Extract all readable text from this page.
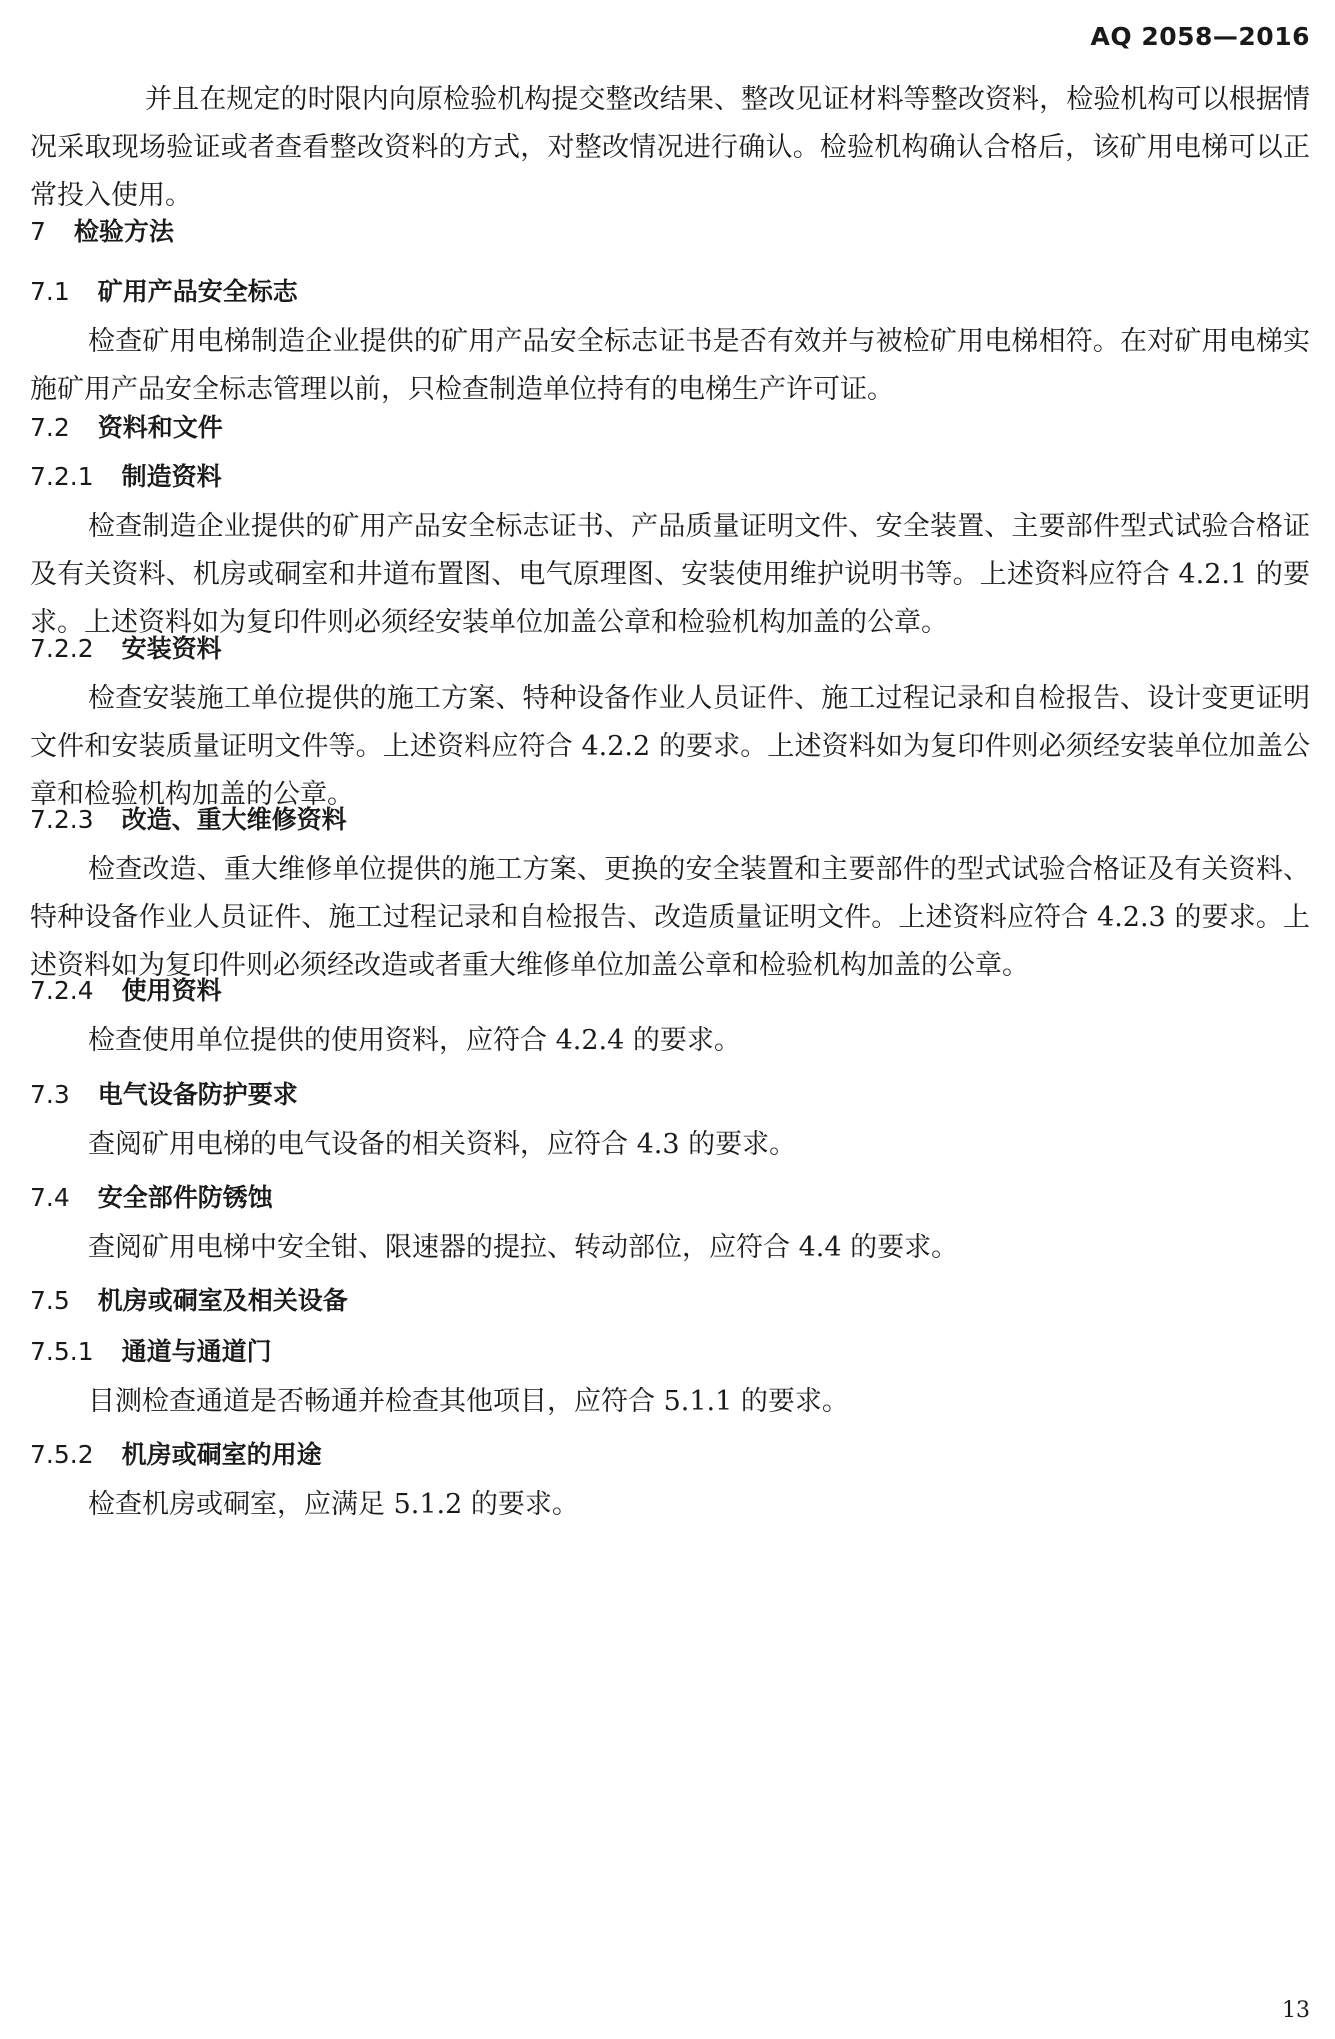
AQ 2058—2016

并且在规定的时限内向原检验机构提交整改结果、整改见证材料等整改资料，检验机构可以根据情况采取现场验证或者查看整改资料的方式，对整改情况进行确认。检验机构确认合格后，该矿用电梯可以正常投入使用。

7 检验方法
7.1 矿用产品安全标志

检查矿用电梯制造企业提供的矿用产品安全标志证书是否有效并与被检矿用电梯相符。在对矿用电梯实施矿用产品安全标志管理以前，只检查制造单位持有的电梯生产许可证。

7.2 资料和文件
7.2.1 制造资料

检查制造企业提供的矿用产品安全标志证书、产品质量证明文件、安全装置、主要部件型式试验合格证及有关资料、机房或硐室和井道布置图、电气原理图、安装使用维护说明书等。上述资料应符合 4.2.1 的要求。上述资料如为复印件则必须经安装单位加盖公章和检验机构加盖的公章。

7.2.2 安装资料

检查安装施工单位提供的施工方案、特种设备作业人员证件、施工过程记录和自检报告、设计变更证明文件和安装质量证明文件等。上述资料应符合 4.2.2 的要求。上述资料如为复印件则必须经安装单位加盖公章和检验机构加盖的公章。

7.2.3 改造、重大维修资料

检查改造、重大维修单位提供的施工方案、更换的安全装置和主要部件的型式试验合格证及有关资料、特种设备作业人员证件、施工过程记录和自检报告、改造质量证明文件。上述资料应符合 4.2.3 的要求。上述资料如为复印件则必须经改造或者重大维修单位加盖公章和检验机构加盖的公章。

7.2.4 使用资料

检查使用单位提供的使用资料，应符合 4.2.4 的要求。

7.3 电气设备防护要求

查阅矿用电梯的电气设备的相关资料，应符合 4.3 的要求。

7.4 安全部件防锈蚀

查阅矿用电梯中安全钳、限速器的提拉、转动部位，应符合 4.4 的要求。

7.5 机房或硐室及相关设备
7.5.1 通道与通道门

目测检查通道是否畅通并检查其他项目，应符合 5.1.1 的要求。

7.5.2 机房或硐室的用途

检查机房或硐室，应满足 5.1.2 的要求。

13
